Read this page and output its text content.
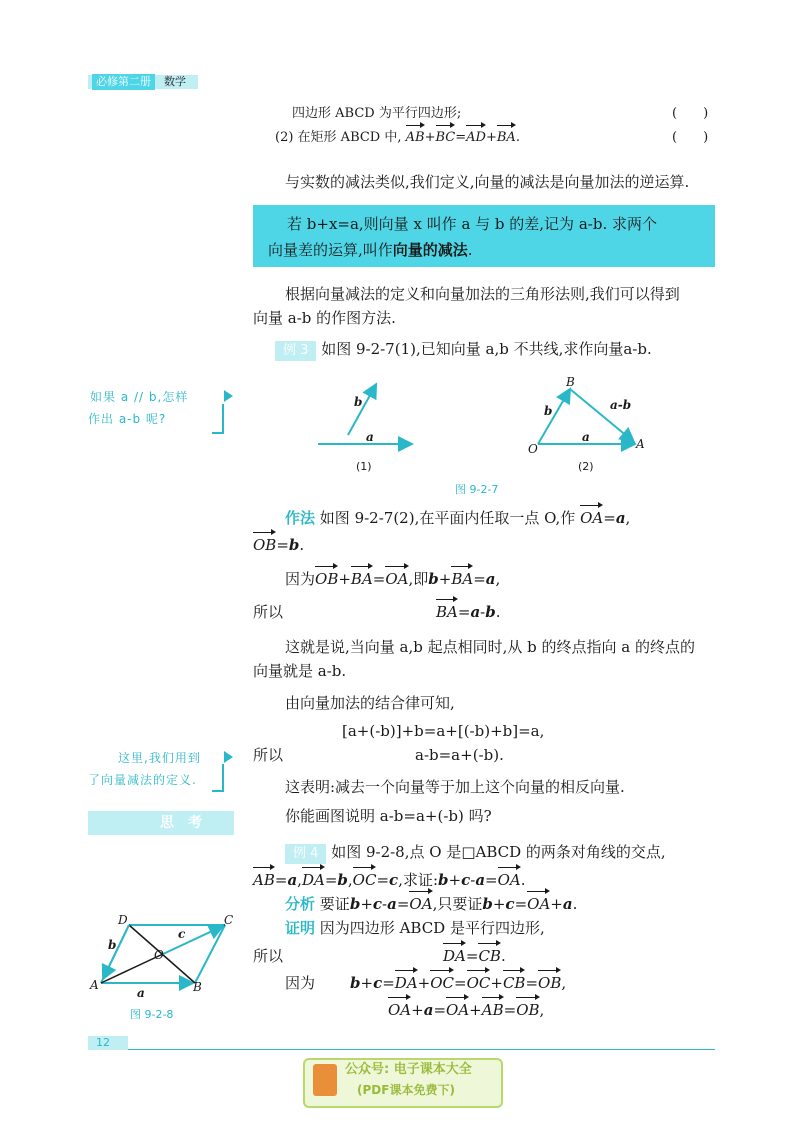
必修第二册	数学
四边形 ABCD 为平行四边形;	(　　)
(2) 在矩形 ABCD 中, AB+BC=AD+BA.	(　　)
与实数的减法类似,我们定义,向量的减法是向量加法的逆运算.
若 b+x=a,则向量 x 叫作 a 与 b 的差,记为 a-b. 求两个
向量差的运算,叫作向量的减法.
根据向量减法的定义和向量加法的三角形法则,我们可以得到
向量 a-b 的作图方法.
例 3 如图 9-2-7(1),已知向量 a,b 不共线,求作向量a-b.
如果 a // b,怎样
作出 a-b 呢?
b
a
(1)
B
O	A
b	a-b
a
(2)
图 9-2-7
作法 如图 9-2-7(2),在平面内任取一点 O,作 OA=a,
OB=b.
因为OB+BA=OA,即b+BA=a,
所以	BA=a-b.
这就是说,当向量 a,b 起点相同时,从 b 的终点指向 a 的终点的
向量就是 a-b.
由向量加法的结合律可知,
[a+(-b)]+b=a+[(-b)+b]=a,
所以	a-b=a+(-b).
这里,我们用到
了向量减法的定义.
思　考
这表明:减去一个向量等于加上这个向量的相反向量.
你能画图说明 a-b=a+(-b) 吗?
例 4 如图 9-2-8,点 O 是□ABCD 的两条对角线的交点,
AB=a,DA=b,OC=c,求证:b+c-a=OA.
分析 要证b+c-a=OA,只要证b+c=OA+a.
证明 因为四边形 ABCD 是平行四边形,
所以	DA=CB.
因为 b+c=DA+OC=OC+CB=OB,
OA+a=OA+AB=OB,
D	C
O
A	B
b
c
a
图 9-2-8
12
公众号: 电子课本大全
(PDF课本免费下)
